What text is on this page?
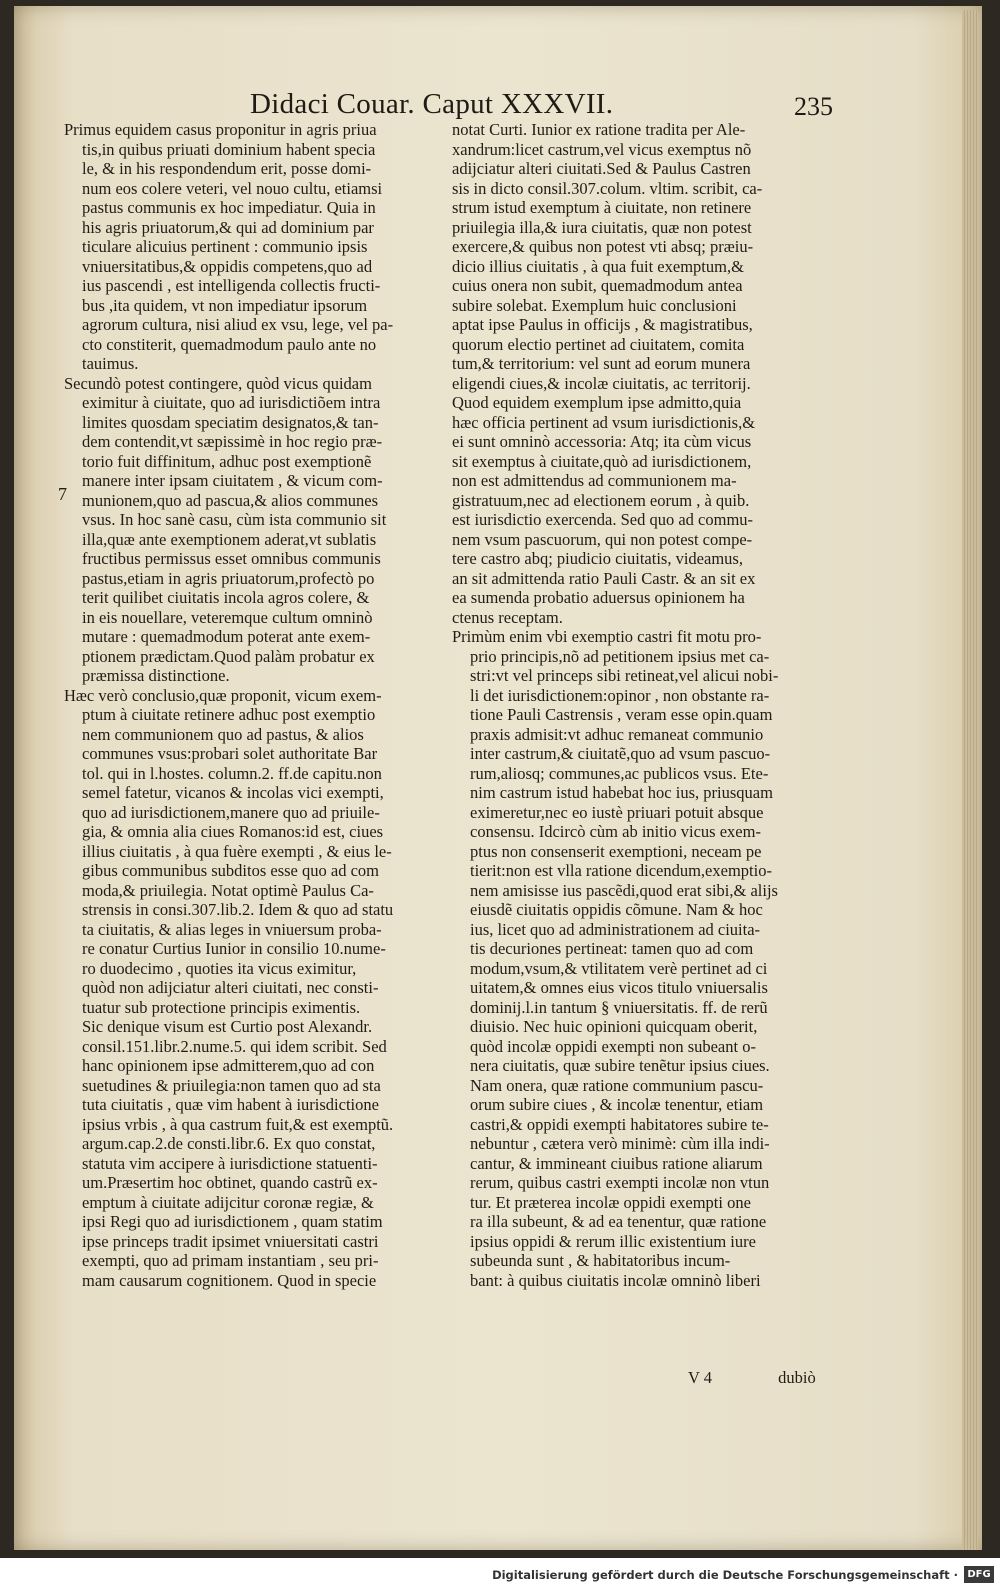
Didaci Couar. Caput XXXVII.	235
7
Primus equidem casus proponitur in agris priua
tis,in quibus priuati dominium habent specia
le, & in his respondendum erit, posse domi-
num eos colere veteri, vel nouo cultu, etiamsi
pastus communis ex hoc impediatur. Quia in
his agris priuatorum,& qui ad dominium par
ticulare alicuius pertinent : communio ipsis
vniuersitatibus,& oppidis competens,quo ad
ius pascendi , est intelligenda collectis fructi-
bus ,ita quidem, vt non impediatur ipsorum
agrorum cultura, nisi aliud ex vsu, lege, vel pa-
cto constiterit, quemadmodum paulo ante no
tauimus.
Secundò potest contingere, quòd vicus quidam
eximitur à ciuitate, quo ad iurisdictiõem intra
limites quosdam speciatim designatos,& tan-
dem contendit,vt sæpissimè in hoc regio præ-
torio fuit diffinitum, adhuc post exemptionẽ
manere inter ipsam ciuitatem , & vicum com-
munionem,quo ad pascua,& alios communes
vsus. In hoc sanè casu, cùm ista communio sit
illa,quæ ante exemptionem aderat,vt sublatis
fructibus permissus esset omnibus communis
pastus,etiam in agris priuatorum,profectò po
terit quilibet ciuitatis incola agros colere, &
in eis nouellare, veteremque cultum omninò
mutare : quemadmodum poterat ante exem-
ptionem prædictam.Quod palàm probatur ex
præmissa distinctione.
Hæc verò conclusio,quæ proponit, vicum exem-
ptum à ciuitate retinere adhuc post exemptio
nem communionem quo ad pastus, & alios
communes vsus:probari solet authoritate Bar
tol. qui in l.hostes. column.2. ff.de capitu.non
semel fatetur, vicanos & incolas vici exempti,
quo ad iurisdictionem,manere quo ad priuile-
gia, & omnia alia ciues Romanos:id est, ciues
illius ciuitatis , à qua fuère exempti , & eius le-
gibus communibus subditos esse quo ad com
moda,& priuilegia. Notat optimè Paulus Ca-
strensis in consi.307.lib.2. Idem & quo ad statu
ta ciuitatis, & alias leges in vniuersum proba-
re conatur Curtius Iunior in consilio 10.nume-
ro duodecimo , quoties ita vicus eximitur,
quòd non adijciatur alteri ciuitati, nec consti-
tuatur sub protectione principis eximentis.
Sic denique visum est Curtio post Alexandr.
consil.151.libr.2.nume.5. qui idem scribit. Sed
hanc opinionem ipse admitterem,quo ad con
suetudines & priuilegia:non tamen quo ad sta
tuta ciuitatis , quæ vim habent à iurisdictione
ipsius vrbis , à qua castrum fuit,& est exemptũ.
argum.cap.2.de consti.libr.6. Ex quo constat,
statuta vim accipere à iurisdictione statuenti-
um.Præsertim hoc obtinet, quando castrũ ex-
emptum à ciuitate adijcitur coronæ regiæ, &
ipsi Regi quo ad iurisdictionem , quam statim
ipse princeps tradit ipsimet vniuersitati castri
exempti, quo ad primam instantiam , seu pri-
mam causarum cognitionem. Quod in specie
notat Curti. Iunior ex ratione tradita per Ale-
xandrum:licet castrum,vel vicus exemptus nõ
adijciatur alteri ciuitati.Sed & Paulus Castren
sis in dicto consil.307.colum. vltim. scribit, ca-
strum istud exemptum à ciuitate, non retinere
priuilegia illa,& iura ciuitatis, quæ non potest
exercere,& quibus non potest vti absq; præiu-
dicio illius ciuitatis , à qua fuit exemptum,&
cuius onera non subit, quemadmodum antea
subire solebat. Exemplum huic conclusioni
aptat ipse Paulus in officijs , & magistratibus,
quorum electio pertinet ad ciuitatem, comita
tum,& territorium: vel sunt ad eorum munera
eligendi ciues,& incolæ ciuitatis, ac territorij.
Quod equidem exemplum ipse admitto,quia
hæc officia pertinent ad vsum iurisdictionis,&
ei sunt omninò accessoria: Atq; ita cùm vicus
sit exemptus à ciuitate,quò ad iurisdictionem,
non est admittendus ad communionem ma-
gistratuum,nec ad electionem eorum , à quib.
est iurisdictio exercenda. Sed quo ad commu-
nem vsum pascuorum, qui non potest compe-
tere castro abq; piudicio ciuitatis, videamus,
an sit admittenda ratio Pauli Castr. & an sit ex
ea sumenda probatio aduersus opinionem ha
ctenus receptam.
Primùm enim vbi exemptio castri fit motu pro-
prio principis,nõ ad petitionem ipsius met ca-
stri:vt vel princeps sibi retineat,vel alicui nobi-
li det iurisdictionem:opinor , non obstante ra-
tione Pauli Castrensis , veram esse opin.quam
praxis admisit:vt adhuc remaneat communio
inter castrum,& ciuitatẽ,quo ad vsum pascuo-
rum,aliosq; communes,ac publicos vsus. Ete-
nim castrum istud habebat hoc ius, priusquam
eximeretur,nec eo iustè priuari potuit absque
consensu. Idcircò cùm ab initio vicus exem-
ptus non consenserit exemptioni, neceam pe
tierit:non est vlla ratione dicendum,exemptio-
nem amisisse ius pascẽdi,quod erat sibi,& alijs
eiusdẽ ciuitatis oppidis cõmune. Nam & hoc
ius, licet quo ad administrationem ad ciuita-
tis decuriones pertineat: tamen quo ad com
modum,vsum,& vtilitatem verè pertinet ad ci
uitatem,& omnes eius vicos titulo vniuersalis
dominij.l.in tantum § vniuersitatis. ff. de rerũ
diuisio. Nec huic opinioni quicquam oberit,
quòd incolæ oppidi exempti non subeant o-
nera ciuitatis, quæ subire tenẽtur ipsius ciues.
Nam onera, quæ ratione communium pascu-
orum subire ciues , & incolæ tenentur, etiam
castri,& oppidi exempti habitatores subire te-
nebuntur , cætera verò minimè: cùm illa indi-
cantur, & immineant ciuibus ratione aliarum
rerum, quibus castri exempti incolæ non vtun
tur. Et præterea incolæ oppidi exempti one
ra illa subeunt, & ad ea tenentur, quæ ratione
ipsius oppidi & rerum illic existentium iure
subeunda sunt , & habitatoribus incum-
bant: à quibus ciuitatis incolæ omninò liberi
V 4	dubiò
Digitalisierung gefördert durch die Deutsche Forschungsgemeinschaft · DFG
